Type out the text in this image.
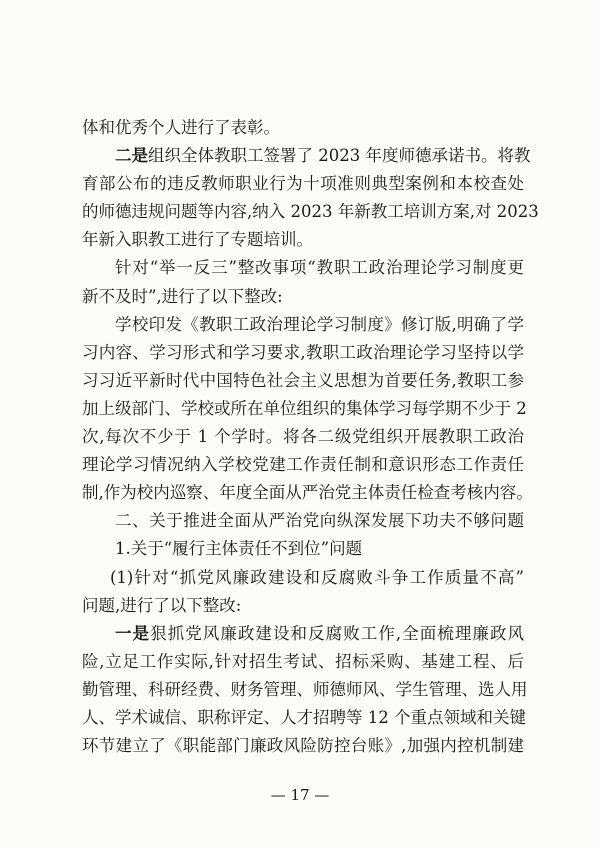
体和优秀个人进行了表彰。
二是组织全体教职工签署了 2023 年度师德承诺书。将教
育部公布的违反教师职业行为十项准则典型案例和本校查处
的师德违规问题等内容,纳入 2023 年新教工培训方案,对 2023
年新入职教工进行了专题培训。
针对“举一反三”整改事项“教职工政治理论学习制度更
新不及时”,进行了以下整改:
学校印发《教职工政治理论学习制度》修订版,明确了学
习内容、学习形式和学习要求,教职工政治理论学习坚持以学
习习近平新时代中国特色社会主义思想为首要任务,教职工参
加上级部门、学校或所在单位组织的集体学习每学期不少于 2
次,每次不少于 1 个学时。将各二级党组织开展教职工政治
理论学习情况纳入学校党建工作责任制和意识形态工作责任
制,作为校内巡察、年度全面从严治党主体责任检查考核内容。
二、关于推进全面从严治党向纵深发展下功夫不够问题
1.关于“履行主体责任不到位”问题
(1)针对“抓党风廉政建设和反腐败斗争工作质量不高”
问题,进行了以下整改:
一是狠抓党风廉政建设和反腐败工作,全面梳理廉政风
险,立足工作实际,针对招生考试、招标采购、基建工程、后
勤管理、科研经费、财务管理、师德师风、学生管理、选人用
人、学术诚信、职称评定、人才招聘等 12 个重点领域和关键
环节建立了《职能部门廉政风险防控台账》,加强内控机制建
— 17 —
